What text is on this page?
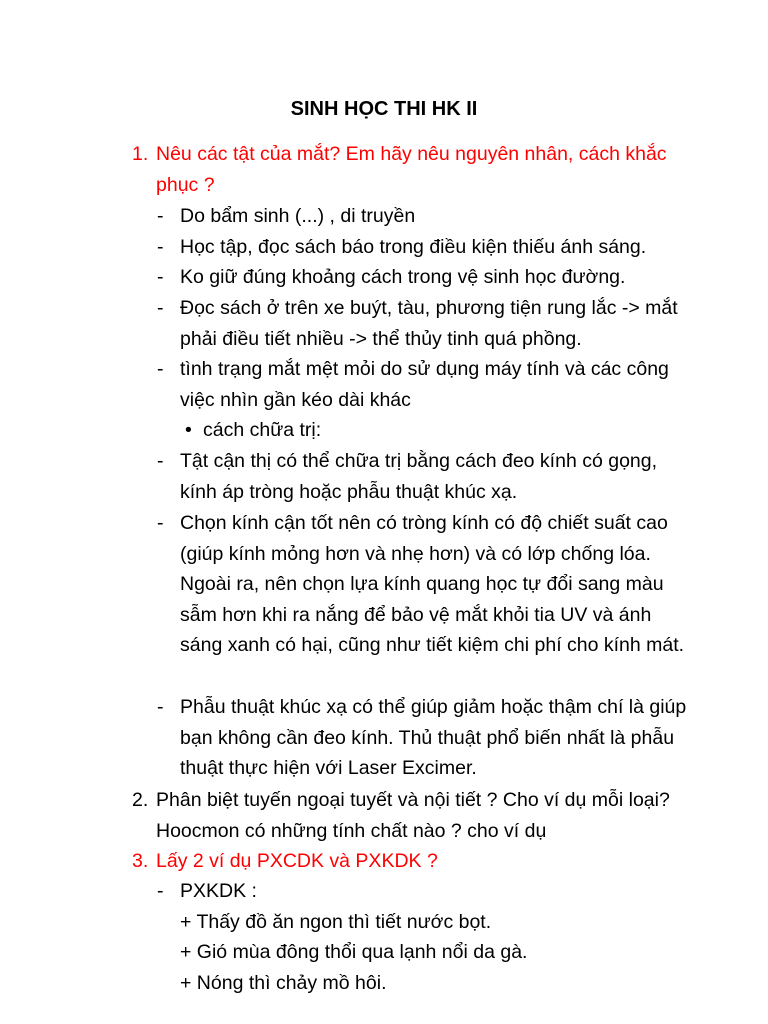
SINH HỌC THI HK II
1. Nêu các tật của mắt? Em hãy nêu nguyên nhân, cách khắc phục ?
- Do bẩm sinh (...) , di truyền
- Học tập, đọc sách báo trong điều kiện thiếu ánh sáng.
- Ko giữ đúng khoảng cách trong vệ sinh học đường.
- Đọc sách ở trên xe buýt, tàu, phương tiện rung lắc -> mắt phải điều tiết nhiều -> thể thủy tinh quá phồng.
- tình trạng mắt mệt mỏi do sử dụng máy tính và các công việc nhìn gần kéo dài khác
• cách chữa trị:
- Tật cận thị có thể chữa trị bằng cách đeo kính có gọng, kính áp tròng hoặc phẫu thuật khúc xạ.
- Chọn kính cận tốt nên có tròng kính có độ chiết suất cao (giúp kính mỏng hơn và nhẹ hơn) và có lớp chống lóa. Ngoài ra, nên chọn lựa kính quang học tự đổi sang màu sẫm hơn khi ra nắng để bảo vệ mắt khỏi tia UV và ánh sáng xanh có hại, cũng như tiết kiệm chi phí cho kính mát.
- Phẫu thuật khúc xạ có thể giúp giảm hoặc thậm chí là giúp bạn không cần đeo kính. Thủ thuật phổ biến nhất là phẫu thuật thực hiện với Laser Excimer.
2. Phân biệt tuyến ngoại tuyết và nội tiết ? Cho ví dụ mỗi loại? Hoocmon có những tính chất nào ? cho ví dụ
3. Lấy 2 ví dụ PXCDK và PXKDK ?
- PXKDK :
+ Thấy đồ ăn ngon thì tiết nước bọt.
+ Gió mùa đông thổi qua lạnh nổi da gà.
+ Nóng thì chảy mồ hôi.
